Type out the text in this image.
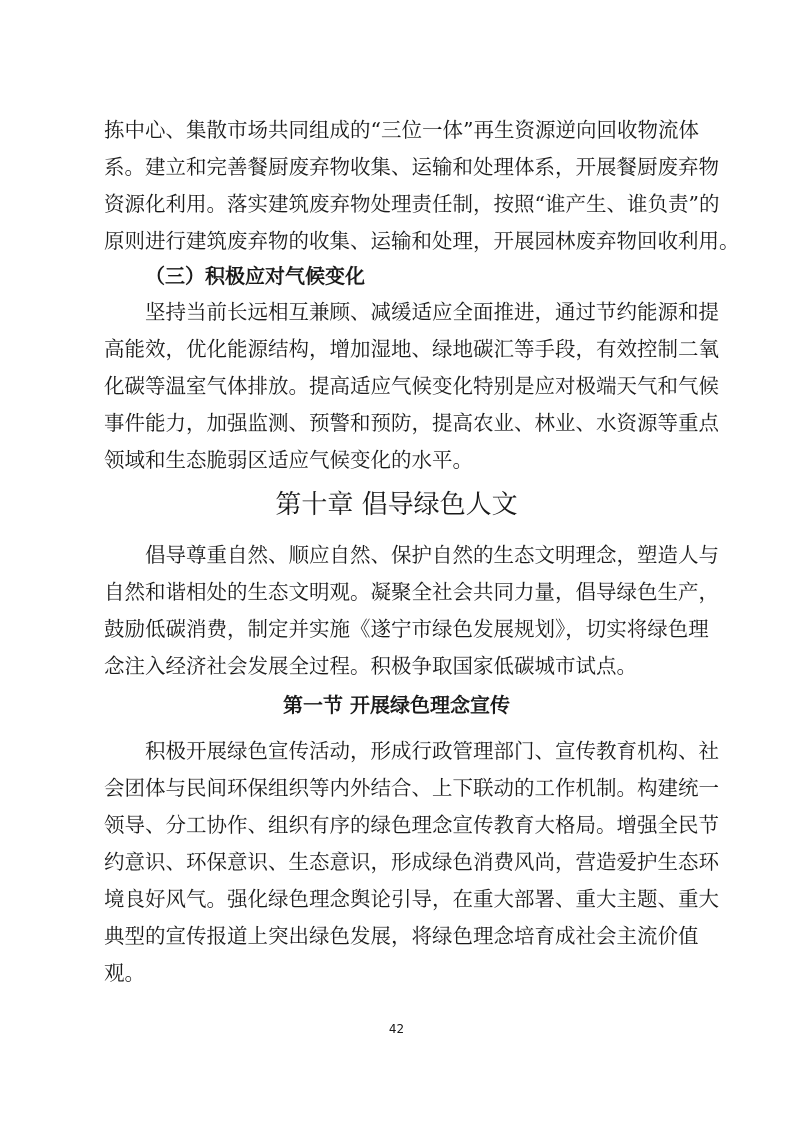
拣中心、集散市场共同组成的“三位一体”再生资源逆向回收物流体
系。建立和完善餐厨废弃物收集、运输和处理体系，开展餐厨废弃物
资源化利用。落实建筑废弃物处理责任制，按照“谁产生、谁负责”的
原则进行建筑废弃物的收集、运输和处理，开展园林废弃物回收利用。
（三）积极应对气候变化
　　坚持当前长远相互兼顾、减缓适应全面推进，通过节约能源和提
高能效，优化能源结构，增加湿地、绿地碳汇等手段，有效控制二氧
化碳等温室气体排放。提高适应气候变化特别是应对极端天气和气候
事件能力，加强监测、预警和预防，提高农业、林业、水资源等重点
领域和生态脆弱区适应气候变化的水平。
第十章 倡导绿色人文
　　倡导尊重自然、顺应自然、保护自然的生态文明理念，塑造人与
自然和谐相处的生态文明观。凝聚全社会共同力量，倡导绿色生产，
鼓励低碳消费，制定并实施《遂宁市绿色发展规划》，切实将绿色理
念注入经济社会发展全过程。积极争取国家低碳城市试点。
第一节 开展绿色理念宣传
　　积极开展绿色宣传活动，形成行政管理部门、宣传教育机构、社
会团体与民间环保组织等内外结合、上下联动的工作机制。构建统一
领导、分工协作、组织有序的绿色理念宣传教育大格局。增强全民节
约意识、环保意识、生态意识，形成绿色消费风尚，营造爱护生态环
境良好风气。强化绿色理念舆论引导，在重大部署、重大主题、重大
典型的宣传报道上突出绿色发展，将绿色理念培育成社会主流价值
观。
42
